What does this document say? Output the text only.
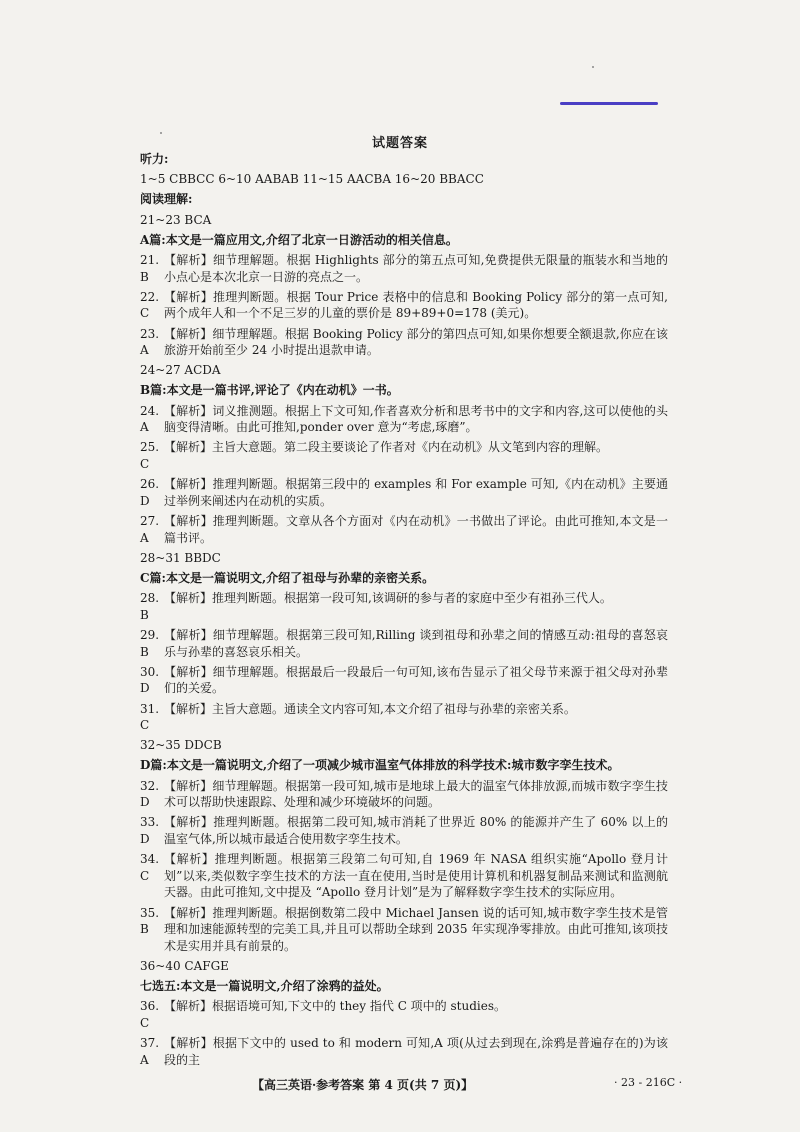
试题答案
听力:
1~5 CBBCC 6~10 AABAB 11~15 AACBA 16~20 BBACC
阅读理解:
21~23 BCA
A篇:本文是一篇应用文,介绍了北京一日游活动的相关信息。
21. B
【解析】细节理解题。根据 Highlights 部分的第五点可知,免费提供无限量的瓶装水和当地的小点心是本次北京一日游的亮点之一。
22. C
【解析】推理判断题。根据 Tour Price 表格中的信息和 Booking Policy 部分的第一点可知,两个成年人和一个不足三岁的儿童的票价是 89+89+0=178 (美元)。
23. A
【解析】细节理解题。根据 Booking Policy 部分的第四点可知,如果你想要全额退款,你应在该旅游开始前至少 24 小时提出退款申请。
24~27 ACDA
B篇:本文是一篇书评,评论了《内在动机》一书。
24. A
【解析】词义推测题。根据上下文可知,作者喜欢分析和思考书中的文字和内容,这可以使他的头脑变得清晰。由此可推知,ponder over 意为“考虑,琢磨”。
25. C
【解析】主旨大意题。第二段主要谈论了作者对《内在动机》从文笔到内容的理解。
26. D
【解析】推理判断题。根据第三段中的 examples 和 For example 可知,《内在动机》主要通过举例来阐述内在动机的实质。
27. A
【解析】推理判断题。文章从各个方面对《内在动机》一书做出了评论。由此可推知,本文是一篇书评。
28~31 BBDC
C篇:本文是一篇说明文,介绍了祖母与孙辈的亲密关系。
28. B
【解析】推理判断题。根据第一段可知,该调研的参与者的家庭中至少有祖孙三代人。
29. B
【解析】细节理解题。根据第三段可知,Rilling 谈到祖母和孙辈之间的情感互动:祖母的喜怒哀乐与孙辈的喜怒哀乐相关。
30. D
【解析】细节理解题。根据最后一段最后一句可知,该布告显示了祖父母节来源于祖父母对孙辈们的关爱。
31. C
【解析】主旨大意题。通读全文内容可知,本文介绍了祖母与孙辈的亲密关系。
32~35 DDCB
D篇:本文是一篇说明文,介绍了一项减少城市温室气体排放的科学技术:城市数字孪生技术。
32. D
【解析】细节理解题。根据第一段可知,城市是地球上最大的温室气体排放源,而城市数字孪生技术可以帮助快速跟踪、处理和减少环境破坏的问题。
33. D
【解析】推理判断题。根据第二段可知,城市消耗了世界近 80% 的能源并产生了 60% 以上的温室气体,所以城市最适合使用数字孪生技术。
34. C
【解析】推理判断题。根据第三段第二句可知,自 1969 年 NASA 组织实施“Apollo 登月计划”以来,类似数字孪生技术的方法一直在使用,当时是使用计算机和机器复制品来测试和监测航天器。由此可推知,文中提及 “Apollo 登月计划”是为了解释数字孪生技术的实际应用。
35. B
【解析】推理判断题。根据倒数第二段中 Michael Jansen 说的话可知,城市数字孪生技术是管理和加速能源转型的完美工具,并且可以帮助全球到 2035 年实现净零排放。由此可推知,该项技术是实用并具有前景的。
36~40 CAFGE
七选五:本文是一篇说明文,介绍了涂鸦的益处。
36. C
【解析】根据语境可知,下文中的 they 指代 C 项中的 studies。
37. A
【解析】根据下文中的 used to 和 modern 可知,A 项(从过去到现在,涂鸦是普遍存在的)为该段的主
【高三英语·参考答案 第 4 页(共 7 页)】	· 23 - 216C ·
